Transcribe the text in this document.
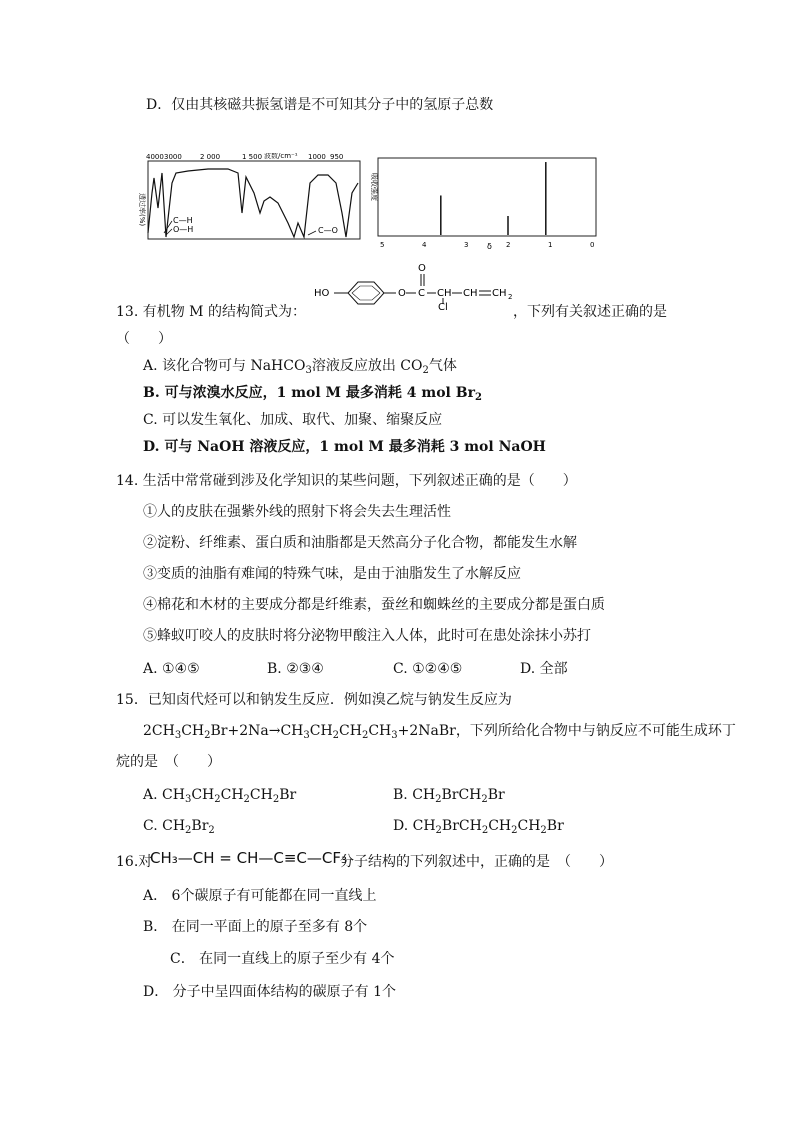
D．仅由其核磁共振氢谱是不可知其分子中的氢原子总数
4000 3000	2 000	1 500	1000 950
波数/cm⁻¹
透过率(%)	C—H
O—H	C—O
吸收强度
5	4	3	2	1	0
δ
HO	O C
O
CH
Cl
CH CH 2
13. 有机物 M 的结构简式为：	，下列有关叙述正确的是
（　　）
A. 该化合物可与 NaHCO$_3$溶液反应放出 $CO_2$气体
B. 可与浓溴水反应，1 mol M 最多消耗 4 mol $Br_2$
C. 可以发生氧化、加成、取代、加聚、缩聚反应
D. 可与 NaOH 溶液反应，1 mol M 最多消耗 3 mol NaOH
14. 生活中常常碰到涉及化学知识的某些问题，下列叙述正确的是（　　）
①人的皮肤在强紫外线的照射下将会失去生理活性
②淀粉、纤维素、蛋白质和油脂都是天然高分子化合物，都能发生水解
③变质的油脂有难闻的特殊气味，是由于油脂发生了水解反应
④棉花和木材的主要成分都是纤维素，蚕丝和蜘蛛丝的主要成分都是蛋白质
⑤蜂蚁叮咬人的皮肤时将分泌物甲酸注入人体，此时可在患处涂抹小苏打
A. ①④⑤	B. ②③④	C. ①②④⑤	D. 全部
15．已知卤代烃可以和钠发生反应．例如溴乙烷与钠发生反应为
$2CH_3CH_2Br+2Na\to CH_3CH_2CH_2CH_3+2NaBr$，下列所给化合物中与钠反应不可能生成环丁
烷的是　（　　）
A. $CH_3CH_2CH_2CH_2Br$	B. $CH_2BrCH_2Br$
C. $CH_2Br_2$	D. $CH_2BrCH_2CH_2CH_2Br$
16.对
CH₃—CH = CH—C≡C—CF₃
分子结构的下列叙述中，正确的是　（　　）
A． 6个碳原子有可能都在同一直线上
B． 在同一平面上的原子至多有 8个
C． 在同一直线上的原子至少有 4个
D． 分子中呈四面体结构的碳原子有 1个
